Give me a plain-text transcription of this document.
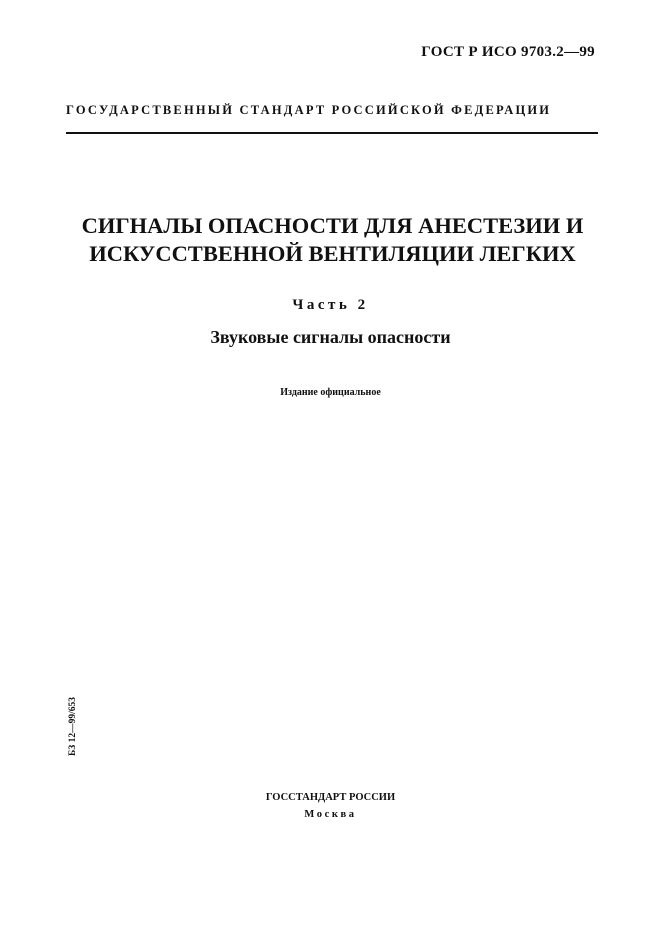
ГОСТ Р ИСО 9703.2—99
ГОСУДАРСТВЕННЫЙ СТАНДАРТ РОССИЙСКОЙ ФЕДЕРАЦИИ
СИГНАЛЫ ОПАСНОСТИ ДЛЯ АНЕСТЕЗИИ И
ИСКУССТВЕННОЙ ВЕНТИЛЯЦИИ ЛЕГКИХ
Часть 2
Звуковые сигналы опасности
Издание официальное
БЗ 12—99/653
ГОССТАНДАРТ РОССИИ
Москва
